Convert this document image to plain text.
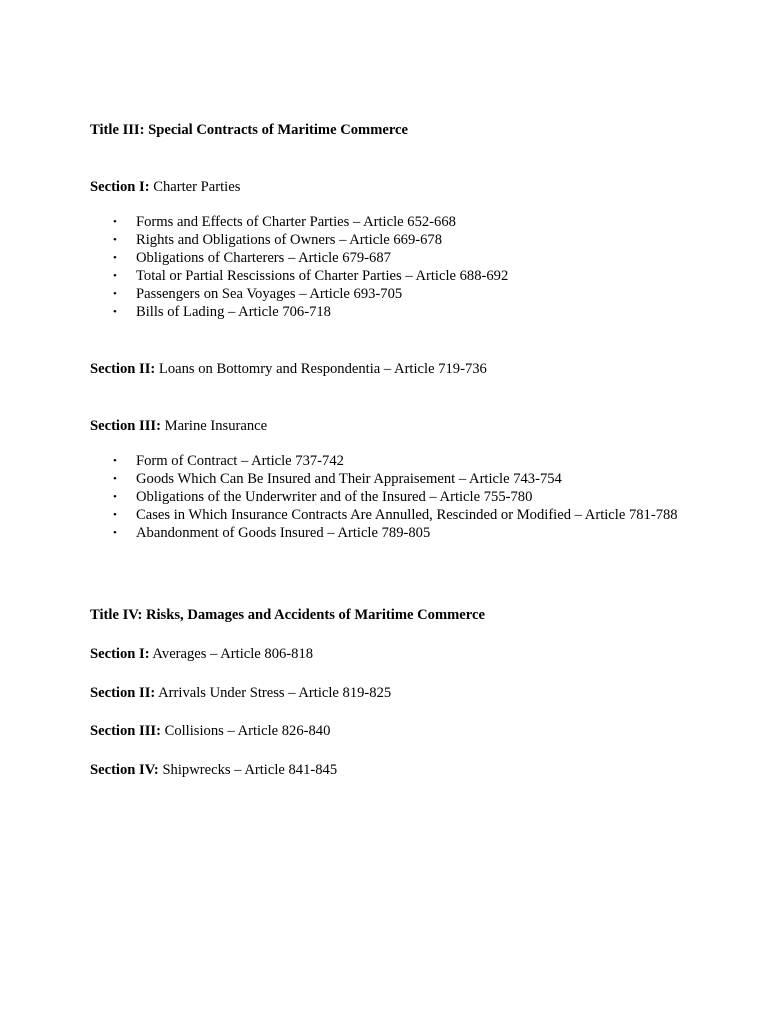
Title III: Special Contracts of Maritime Commerce
Section I: Charter Parties
• Forms and Effects of Charter Parties – Article 652-668
• Rights and Obligations of Owners – Article 669-678
• Obligations of Charterers – Article 679-687
• Total or Partial Rescissions of Charter Parties – Article 688-692
• Passengers on Sea Voyages – Article 693-705
• Bills of Lading – Article 706-718
Section II: Loans on Bottomry and Respondentia – Article 719-736
Section III: Marine Insurance
• Form of Contract – Article 737-742
• Goods Which Can Be Insured and Their Appraisement – Article 743-754
• Obligations of the Underwriter and of the Insured – Article 755-780
• Cases in Which Insurance Contracts Are Annulled, Rescinded or Modified – Article 781-788
• Abandonment of Goods Insured – Article 789-805
Title IV: Risks, Damages and Accidents of Maritime Commerce
Section I: Averages – Article 806-818
Section II: Arrivals Under Stress – Article 819-825
Section III: Collisions – Article 826-840
Section IV: Shipwrecks – Article 841-845
